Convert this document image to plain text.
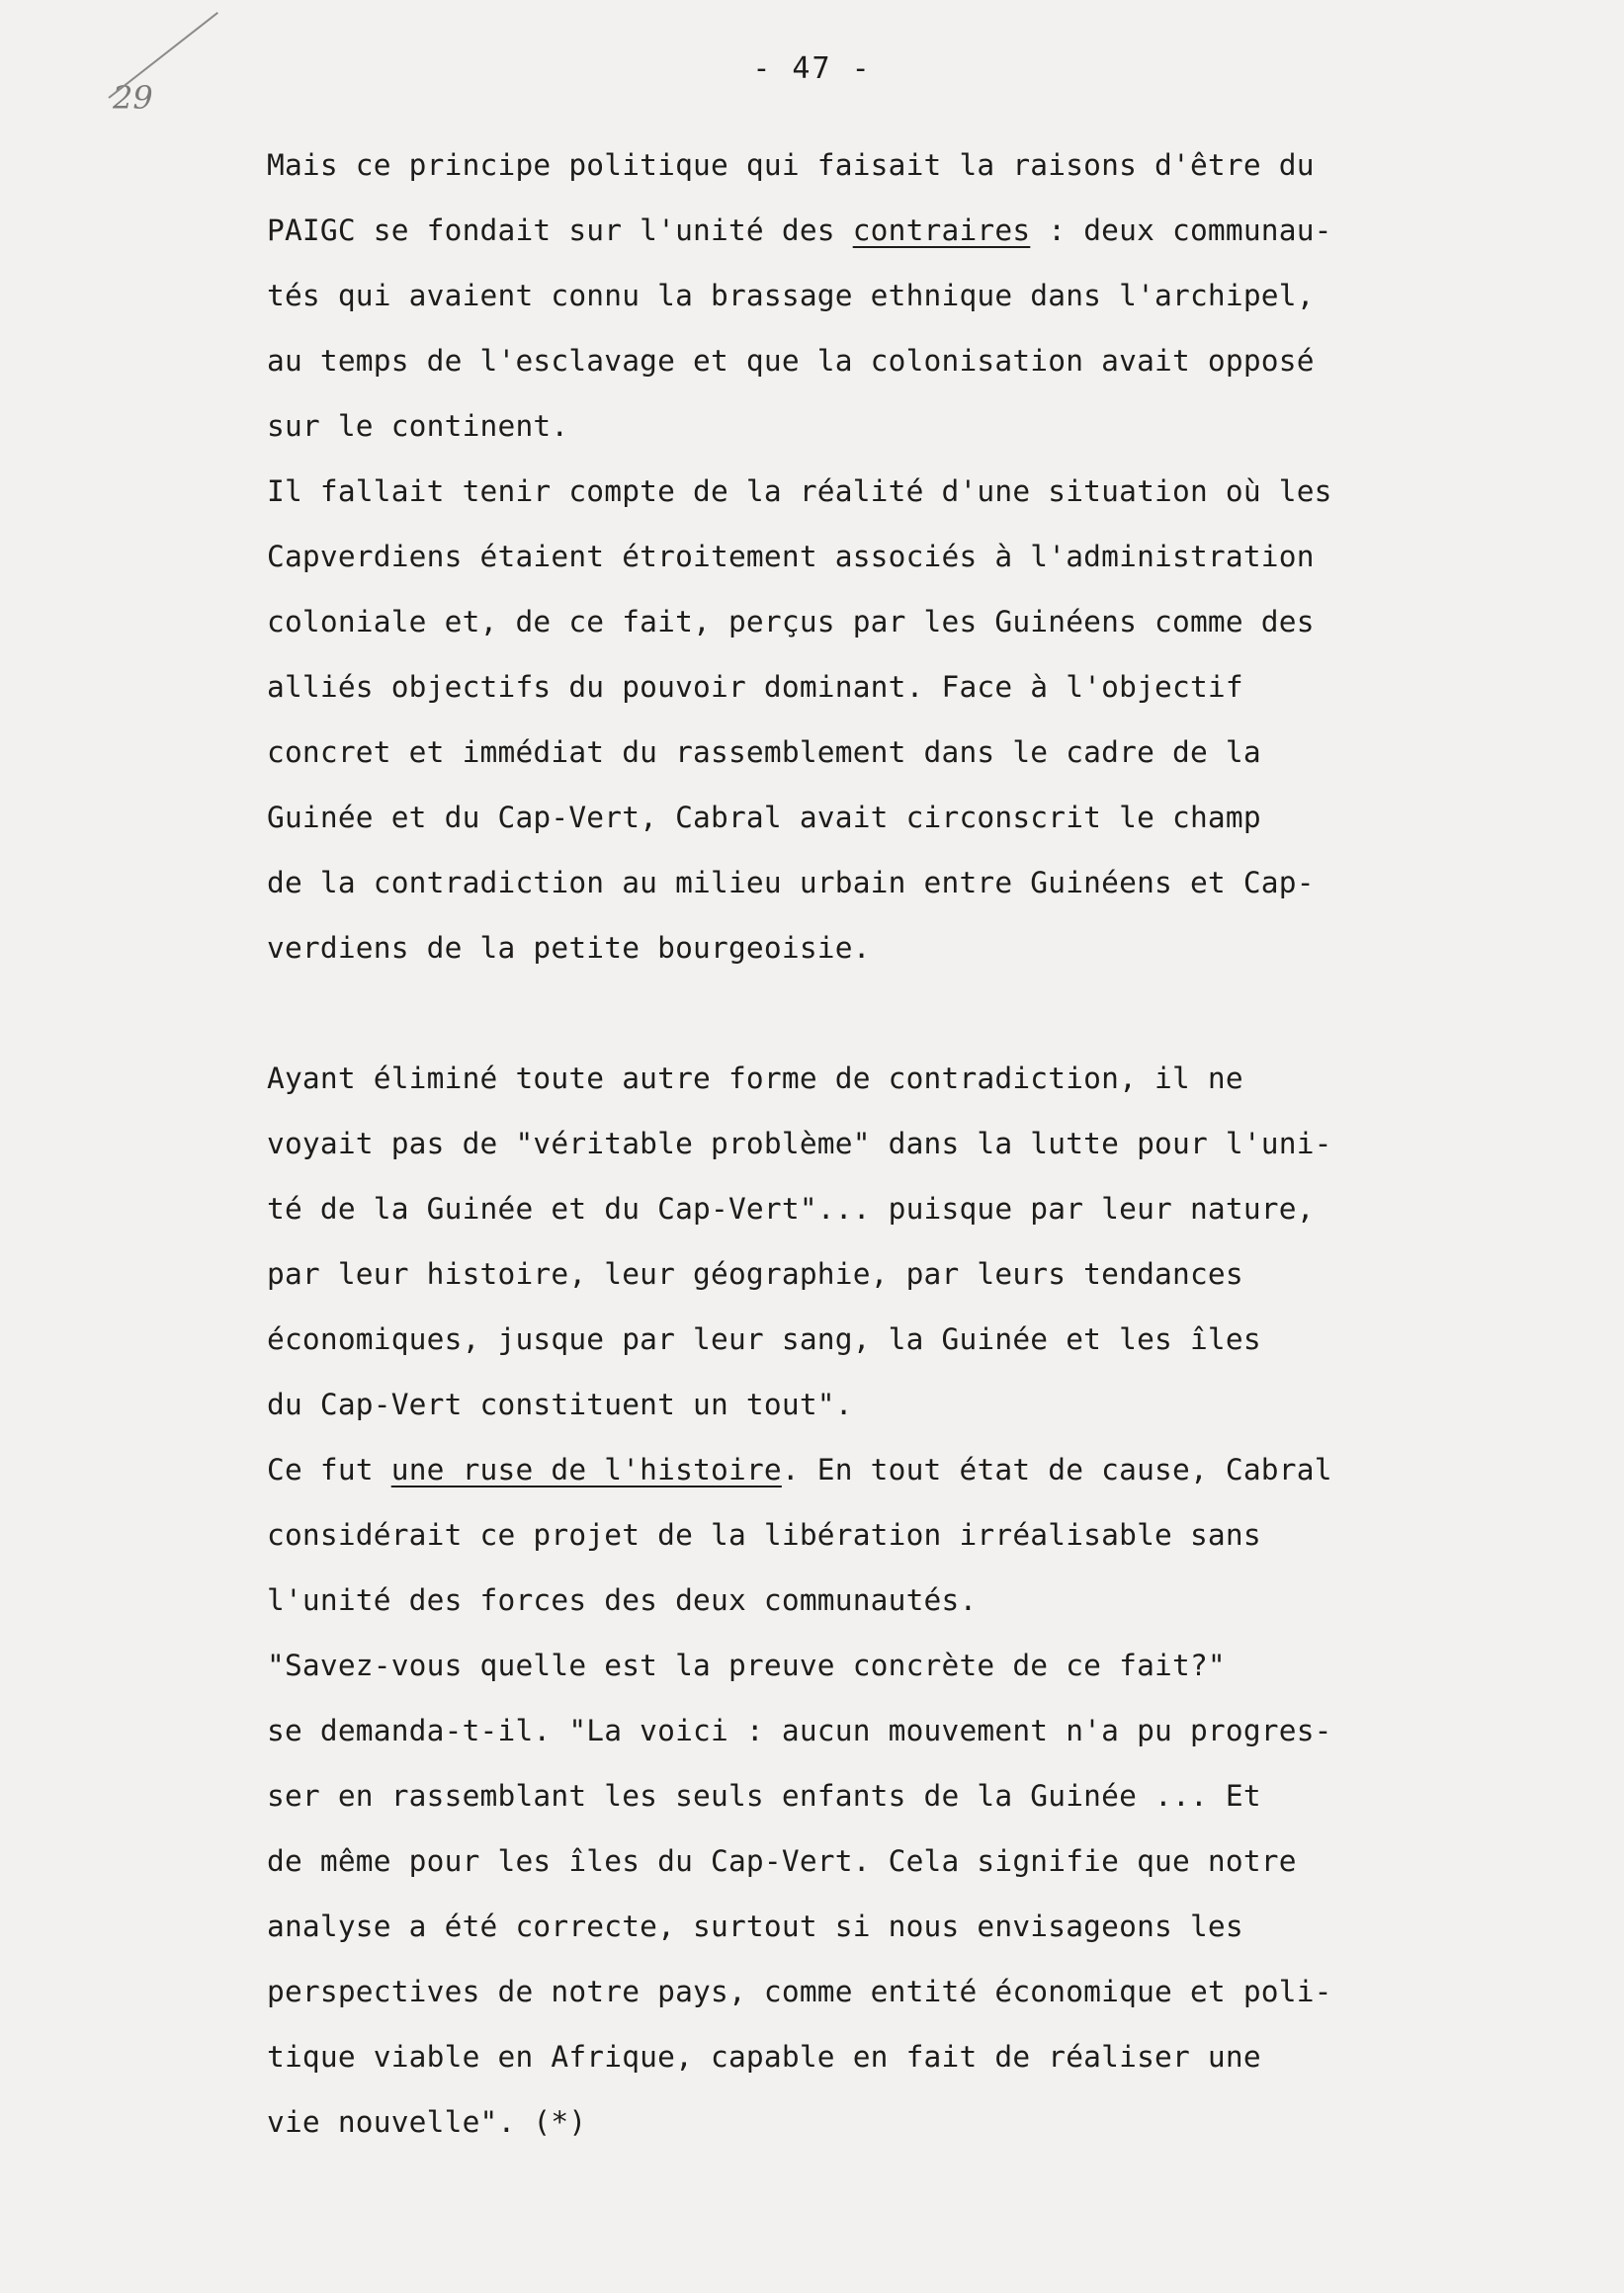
- 47 -
29
Mais ce principe politique qui faisait la raisons d'être du
PAIGC se fondait sur l'unité des contraires : deux communau-
tés qui avaient connu la brassage ethnique dans l'archipel,
au temps de l'esclavage et que la colonisation avait opposé
sur le continent.
Il fallait tenir compte de la réalité d'une situation où les
Capverdiens étaient étroitement associés à l'administration
coloniale et, de ce fait, perçus par les Guinéens comme des
alliés objectifs du pouvoir dominant. Face à l'objectif
concret et immédiat du rassemblement dans le cadre de la
Guinée et du Cap-Vert, Cabral avait circonscrit le champ
de la contradiction au milieu urbain entre Guinéens et Cap-
verdiens de la petite bourgeoisie.
Ayant éliminé toute autre forme de contradiction, il ne
voyait pas de "véritable problème" dans la lutte pour l'uni-
té de la Guinée et du Cap-Vert"... puisque par leur nature,
par leur histoire, leur géographie, par leurs tendances
économiques, jusque par leur sang, la Guinée et les îles
du Cap-Vert constituent un tout".
Ce fut une ruse de l'histoire. En tout état de cause, Cabral
considérait ce projet de la libération irréalisable sans
l'unité des forces des deux communautés.
"Savez-vous quelle est la preuve concrète de ce fait?"
se demanda-t-il. "La voici : aucun mouvement n'a pu progres-
ser en rassemblant les seuls enfants de la Guinée ... Et
de même pour les îles du Cap-Vert. Cela signifie que notre
analyse a été correcte, surtout si nous envisageons les
perspectives de notre pays, comme entité économique et poli-
tique viable en Afrique, capable en fait de réaliser une
vie nouvelle". (*)
